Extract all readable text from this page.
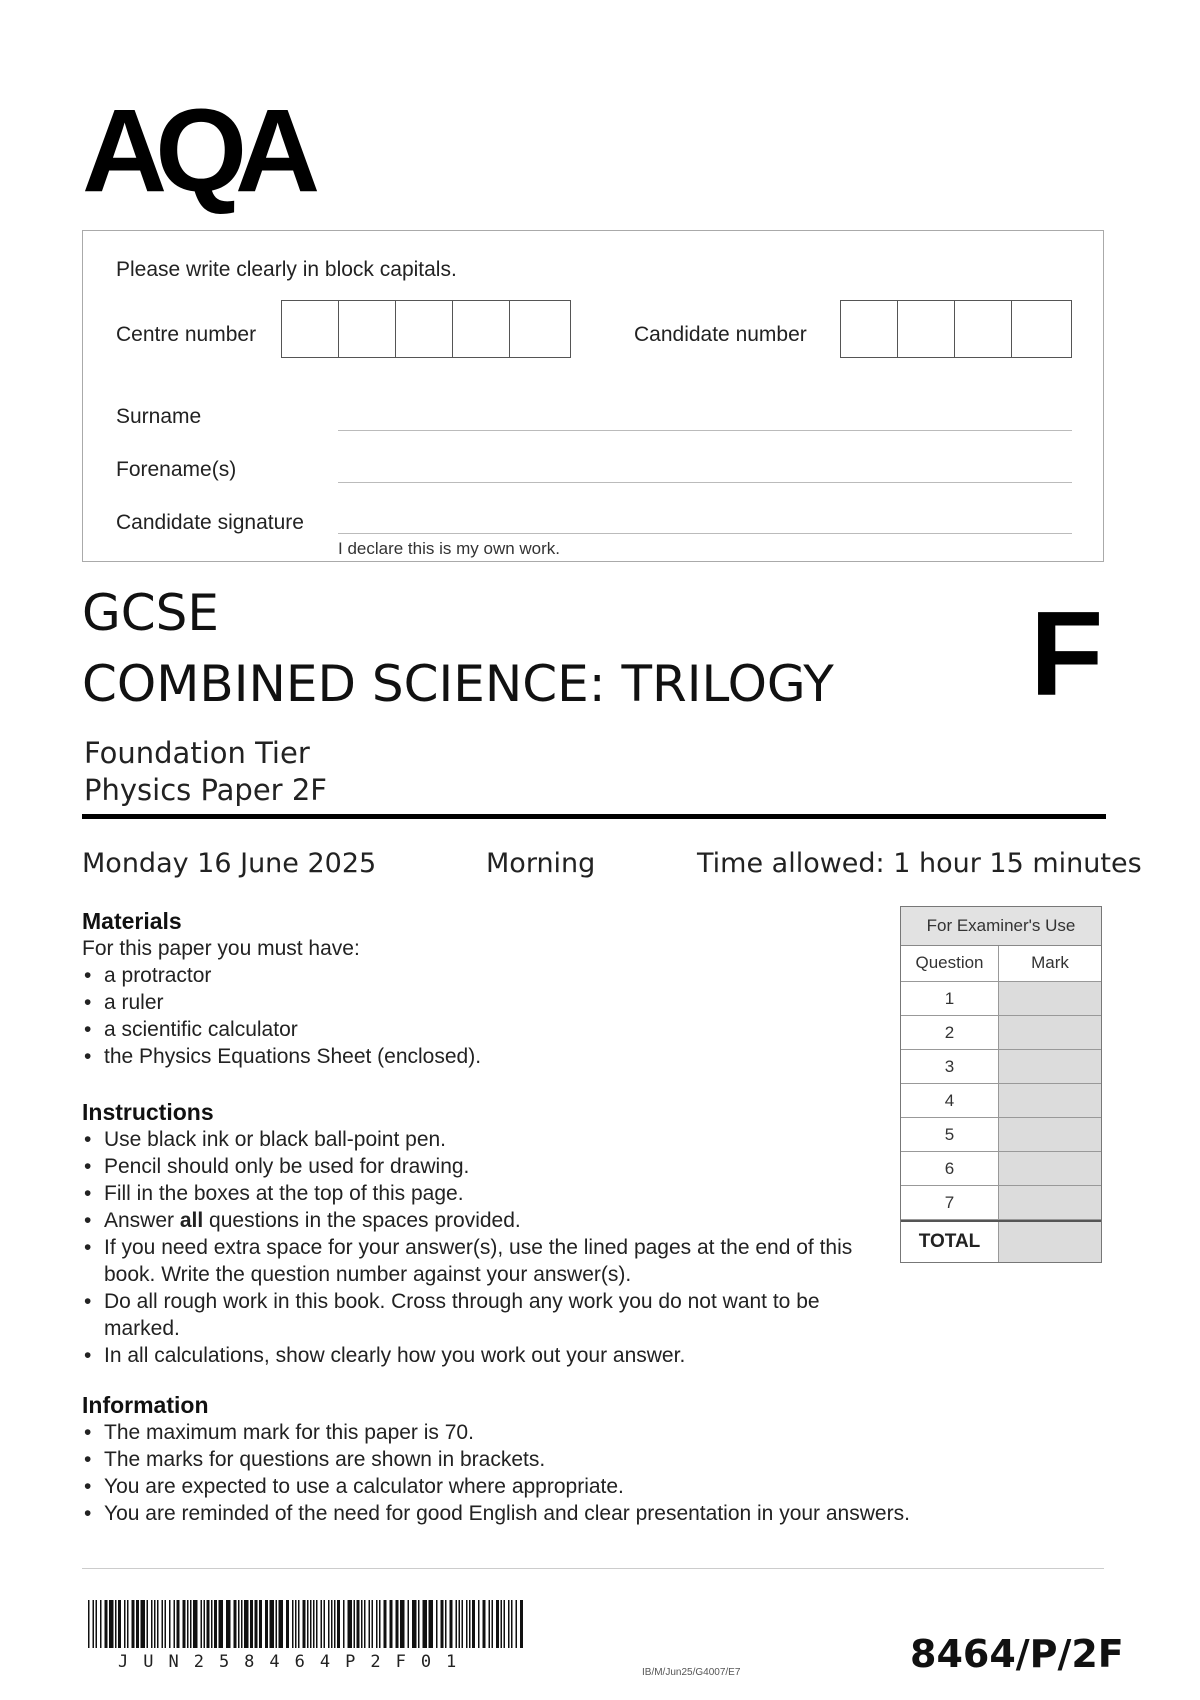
AQA
Please write clearly in block capitals.
Centre number	Candidate number
Surname
Forename(s)
Candidate signature
I declare this is my own work.
GCSE
COMBINED SCIENCE: TRILOGY F
Foundation Tier
Physics Paper 2F
Monday 16 June 2025	Morning	Time allowed: 1 hour 15 minutes
Materials
For this paper you must have:
• a protractor
• a ruler
• a scientific calculator
• the Physics Equations Sheet (enclosed).
Instructions
• Use black ink or black ball-point pen.
• Pencil should only be used for drawing.
• Fill in the boxes at the top of this page.
• Answer all questions in the spaces provided.
• If you need extra space for your answer(s), use the lined pages at the end of this book. Write the question number against your answer(s).
• Do all rough work in this book. Cross through any work you do not want to be marked.
• In all calculations, show clearly how you work out your answer.
Information
• The maximum mark for this paper is 70.
• The marks for questions are shown in brackets.
• You are expected to use a calculator where appropriate.
• You are reminded of the need for good English and clear presentation in your answers.
For Examiner's Use
Question	Mark
1
2
3
4
5
6
7
TOTAL
JUN258464P2F01
IB/M/Jun25/G4007/E7	8464/P/2F
